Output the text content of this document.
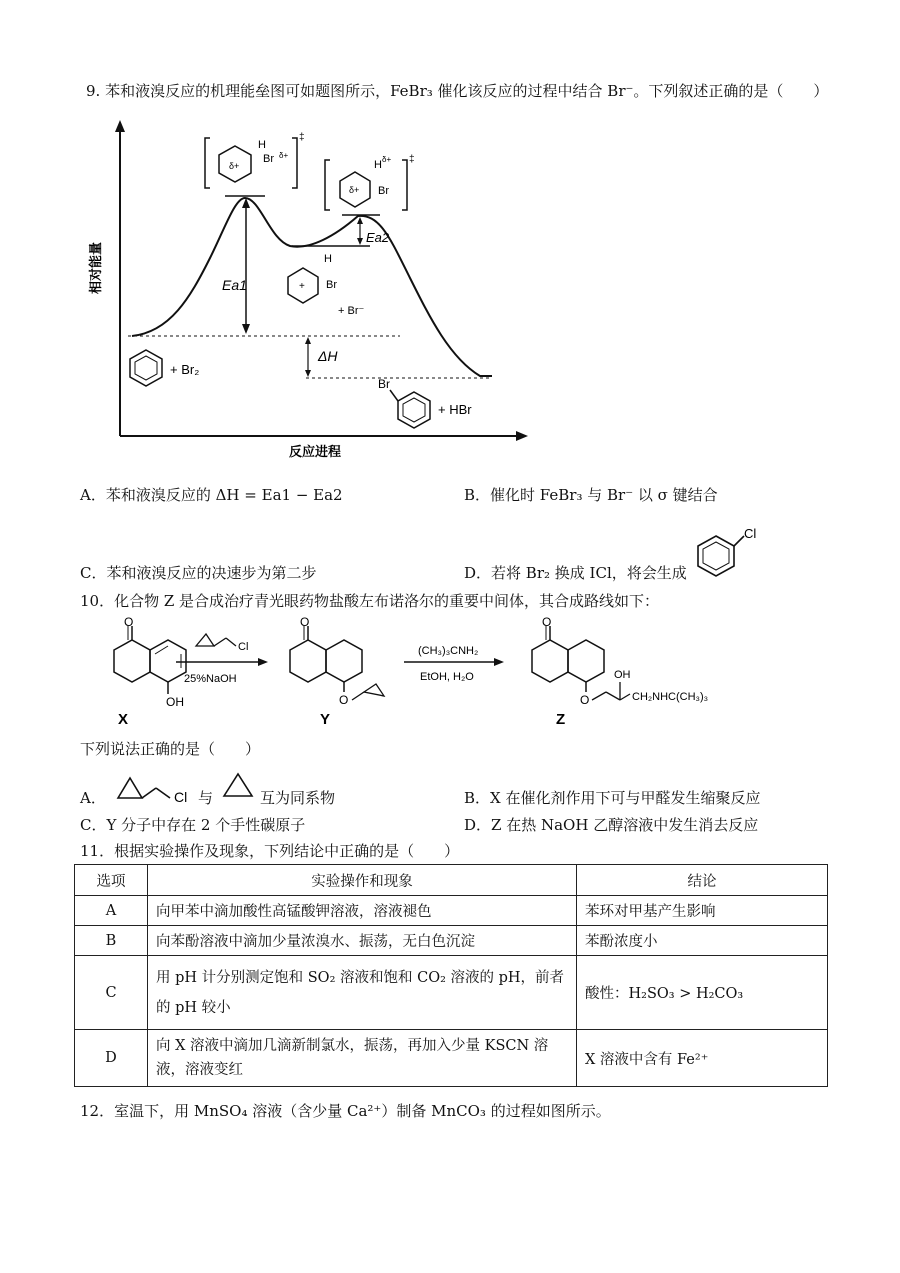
9. 苯和液溴反应的机理能垒图可如题图所示，FeBr₃ 催化该反应的过程中结合 Br⁻。下列叙述正确的是（　　）
相对能量
反应进程
Ea1
Ea2
ΔH
δ+
H
Br δ+
‡
δ+
H δ+
Br
‡
+
H
Br
+ Br⁻
+ Br₂
Br
+ HBr
A．苯和液溴反应的 ΔH = Ea1 − Ea2	B．催化时 FeBr₃ 与 Br⁻ 以 σ 键结合
C．苯和液溴反应的决速步为第二步	D．若将 Br₂ 换成 ICl，将会生成
Cl
10．化合物 Z 是合成治疗青光眼药物盐酸左布诺洛尔的重要中间体，其合成路线如下：
O
OH
X
Cl
25%NaOH
O
O
Y
(CH₃)₃CNH₂
EtOH, H₂O
O
O
OH
CH₂NHC(CH₃)₃
Z
下列说法正确的是（　　）
A．	Cl 与	互为同系物	B．X 在催化剂作用下可与甲醛发生缩聚反应
C．Y 分子中存在 2 个手性碳原子	D．Z 在热 NaOH 乙醇溶液中发生消去反应
11．根据实验操作及现象，下列结论中正确的是（　　）
选项	实验操作和现象	结论
A	向甲苯中滴加酸性高锰酸钾溶液，溶液褪色	苯环对甲基产生影响
B	向苯酚溶液中滴加少量浓溴水、振荡，无白色沉淀	苯酚浓度小
C	用 pH 计分别测定饱和 SO₂ 溶液和饱和 CO₂ 溶液的 pH，前者的 pH 较小	酸性：H₂SO₃ > H₂CO₃
D	向 X 溶液中滴加几滴新制氯水，振荡，再加入少量 KSCN 溶液，溶液变红	X 溶液中含有 Fe²⁺
12．室温下，用 MnSO₄ 溶液（含少量 Ca²⁺）制备 MnCO₃ 的过程如图所示。
